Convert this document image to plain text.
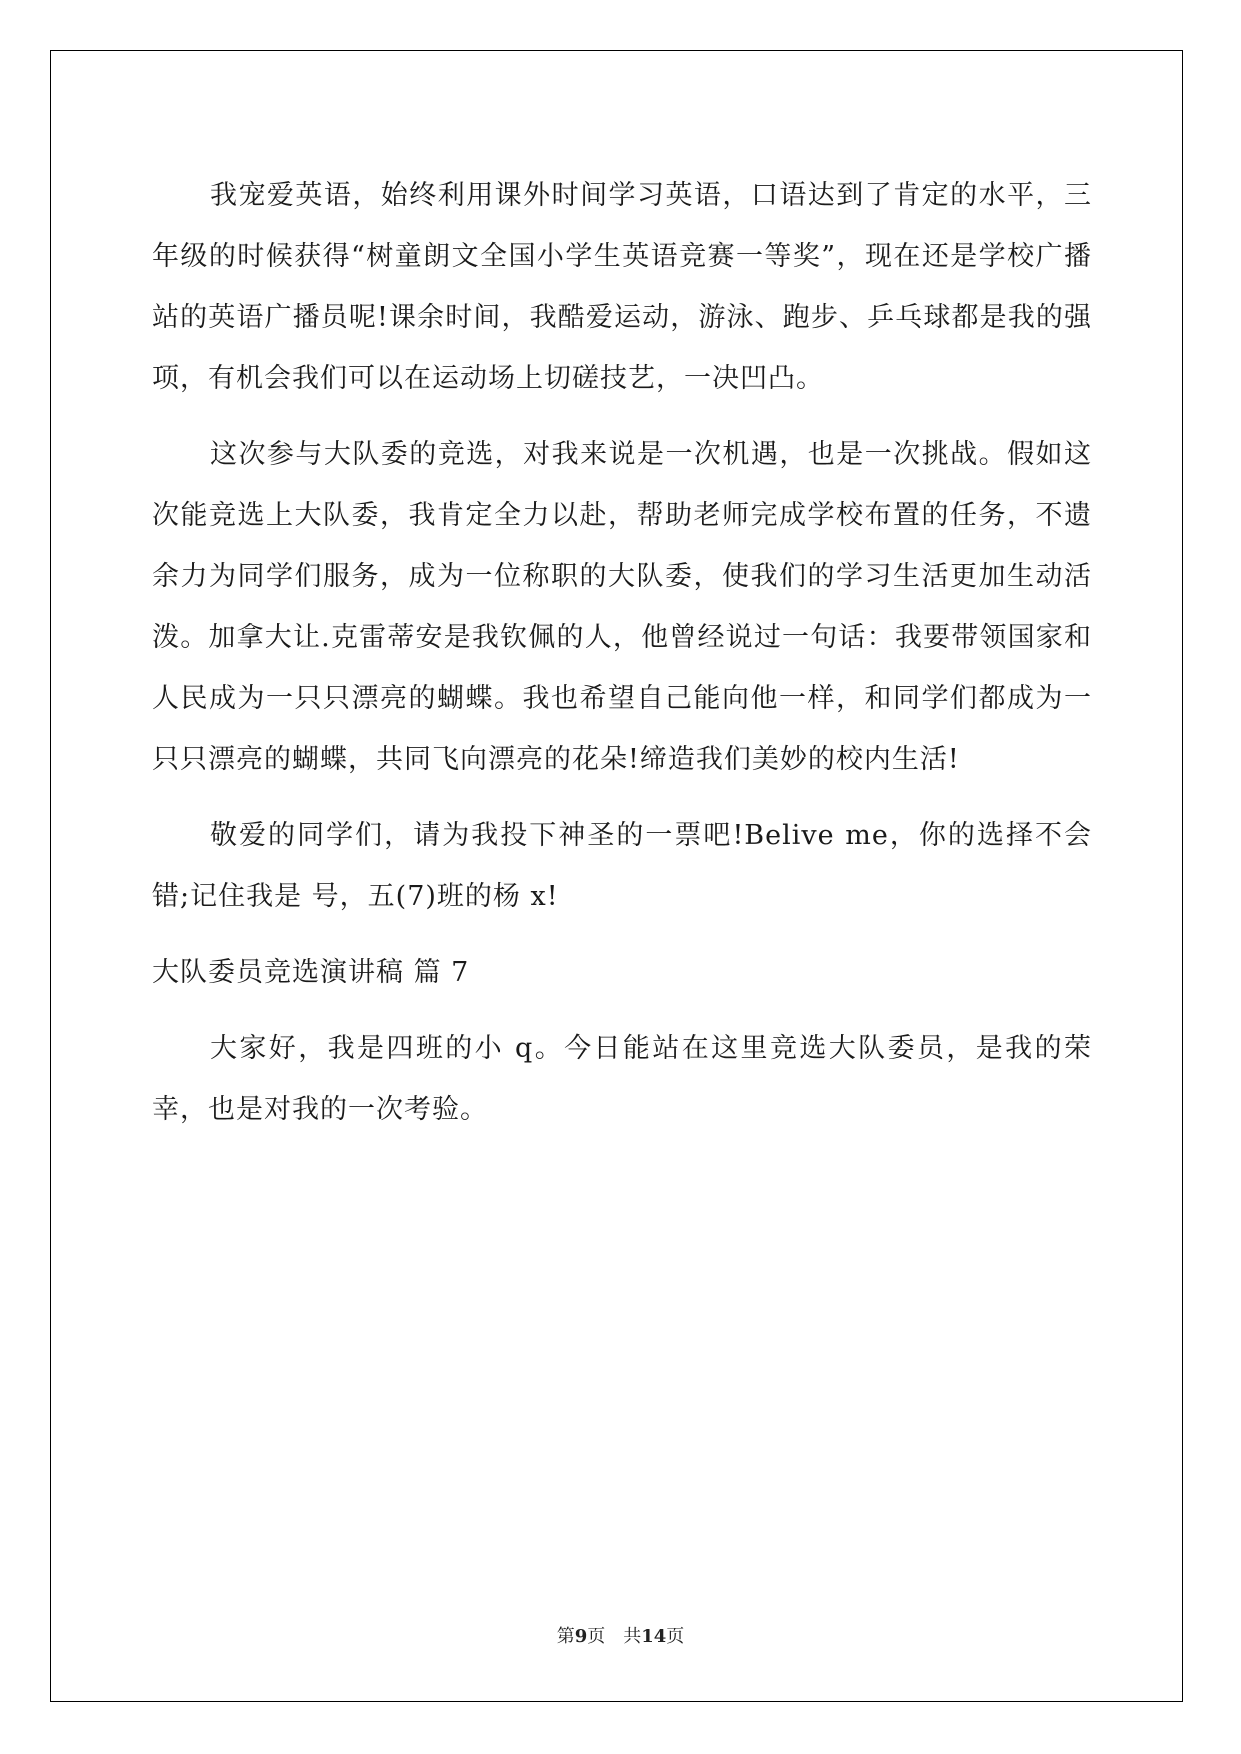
我宠爱英语，始终利用课外时间学习英语，口语达到了肯定的水平，三年级的时候获得“树童朗文全国小学生英语竞赛一等奖”，现在还是学校广播站的英语广播员呢!课余时间，我酷爱运动，游泳、跑步、乒乓球都是我的强项，有机会我们可以在运动场上切磋技艺，一决凹凸。

这次参与大队委的竞选，对我来说是一次机遇，也是一次挑战。假如这次能竞选上大队委，我肯定全力以赴，帮助老师完成学校布置的任务，不遗余力为同学们服务，成为一位称职的大队委，使我们的学习生活更加生动活泼。加拿大让.克雷蒂安是我钦佩的人，他曾经说过一句话：我要带领国家和人民成为一只只漂亮的蝴蝶。我也希望自己能向他一样，和同学们都成为一只只漂亮的蝴蝶，共同飞向漂亮的花朵!缔造我们美妙的校内生活!

敬爱的同学们，请为我投下神圣的一票吧!Belive me，你的选择不会错;记住我是 号，五(7)班的杨 x!

大队委员竞选演讲稿 篇 7

大家好，我是四班的小 q。今日能站在这里竞选大队委员，是我的荣幸，也是对我的一次考验。

第9页　共14页
